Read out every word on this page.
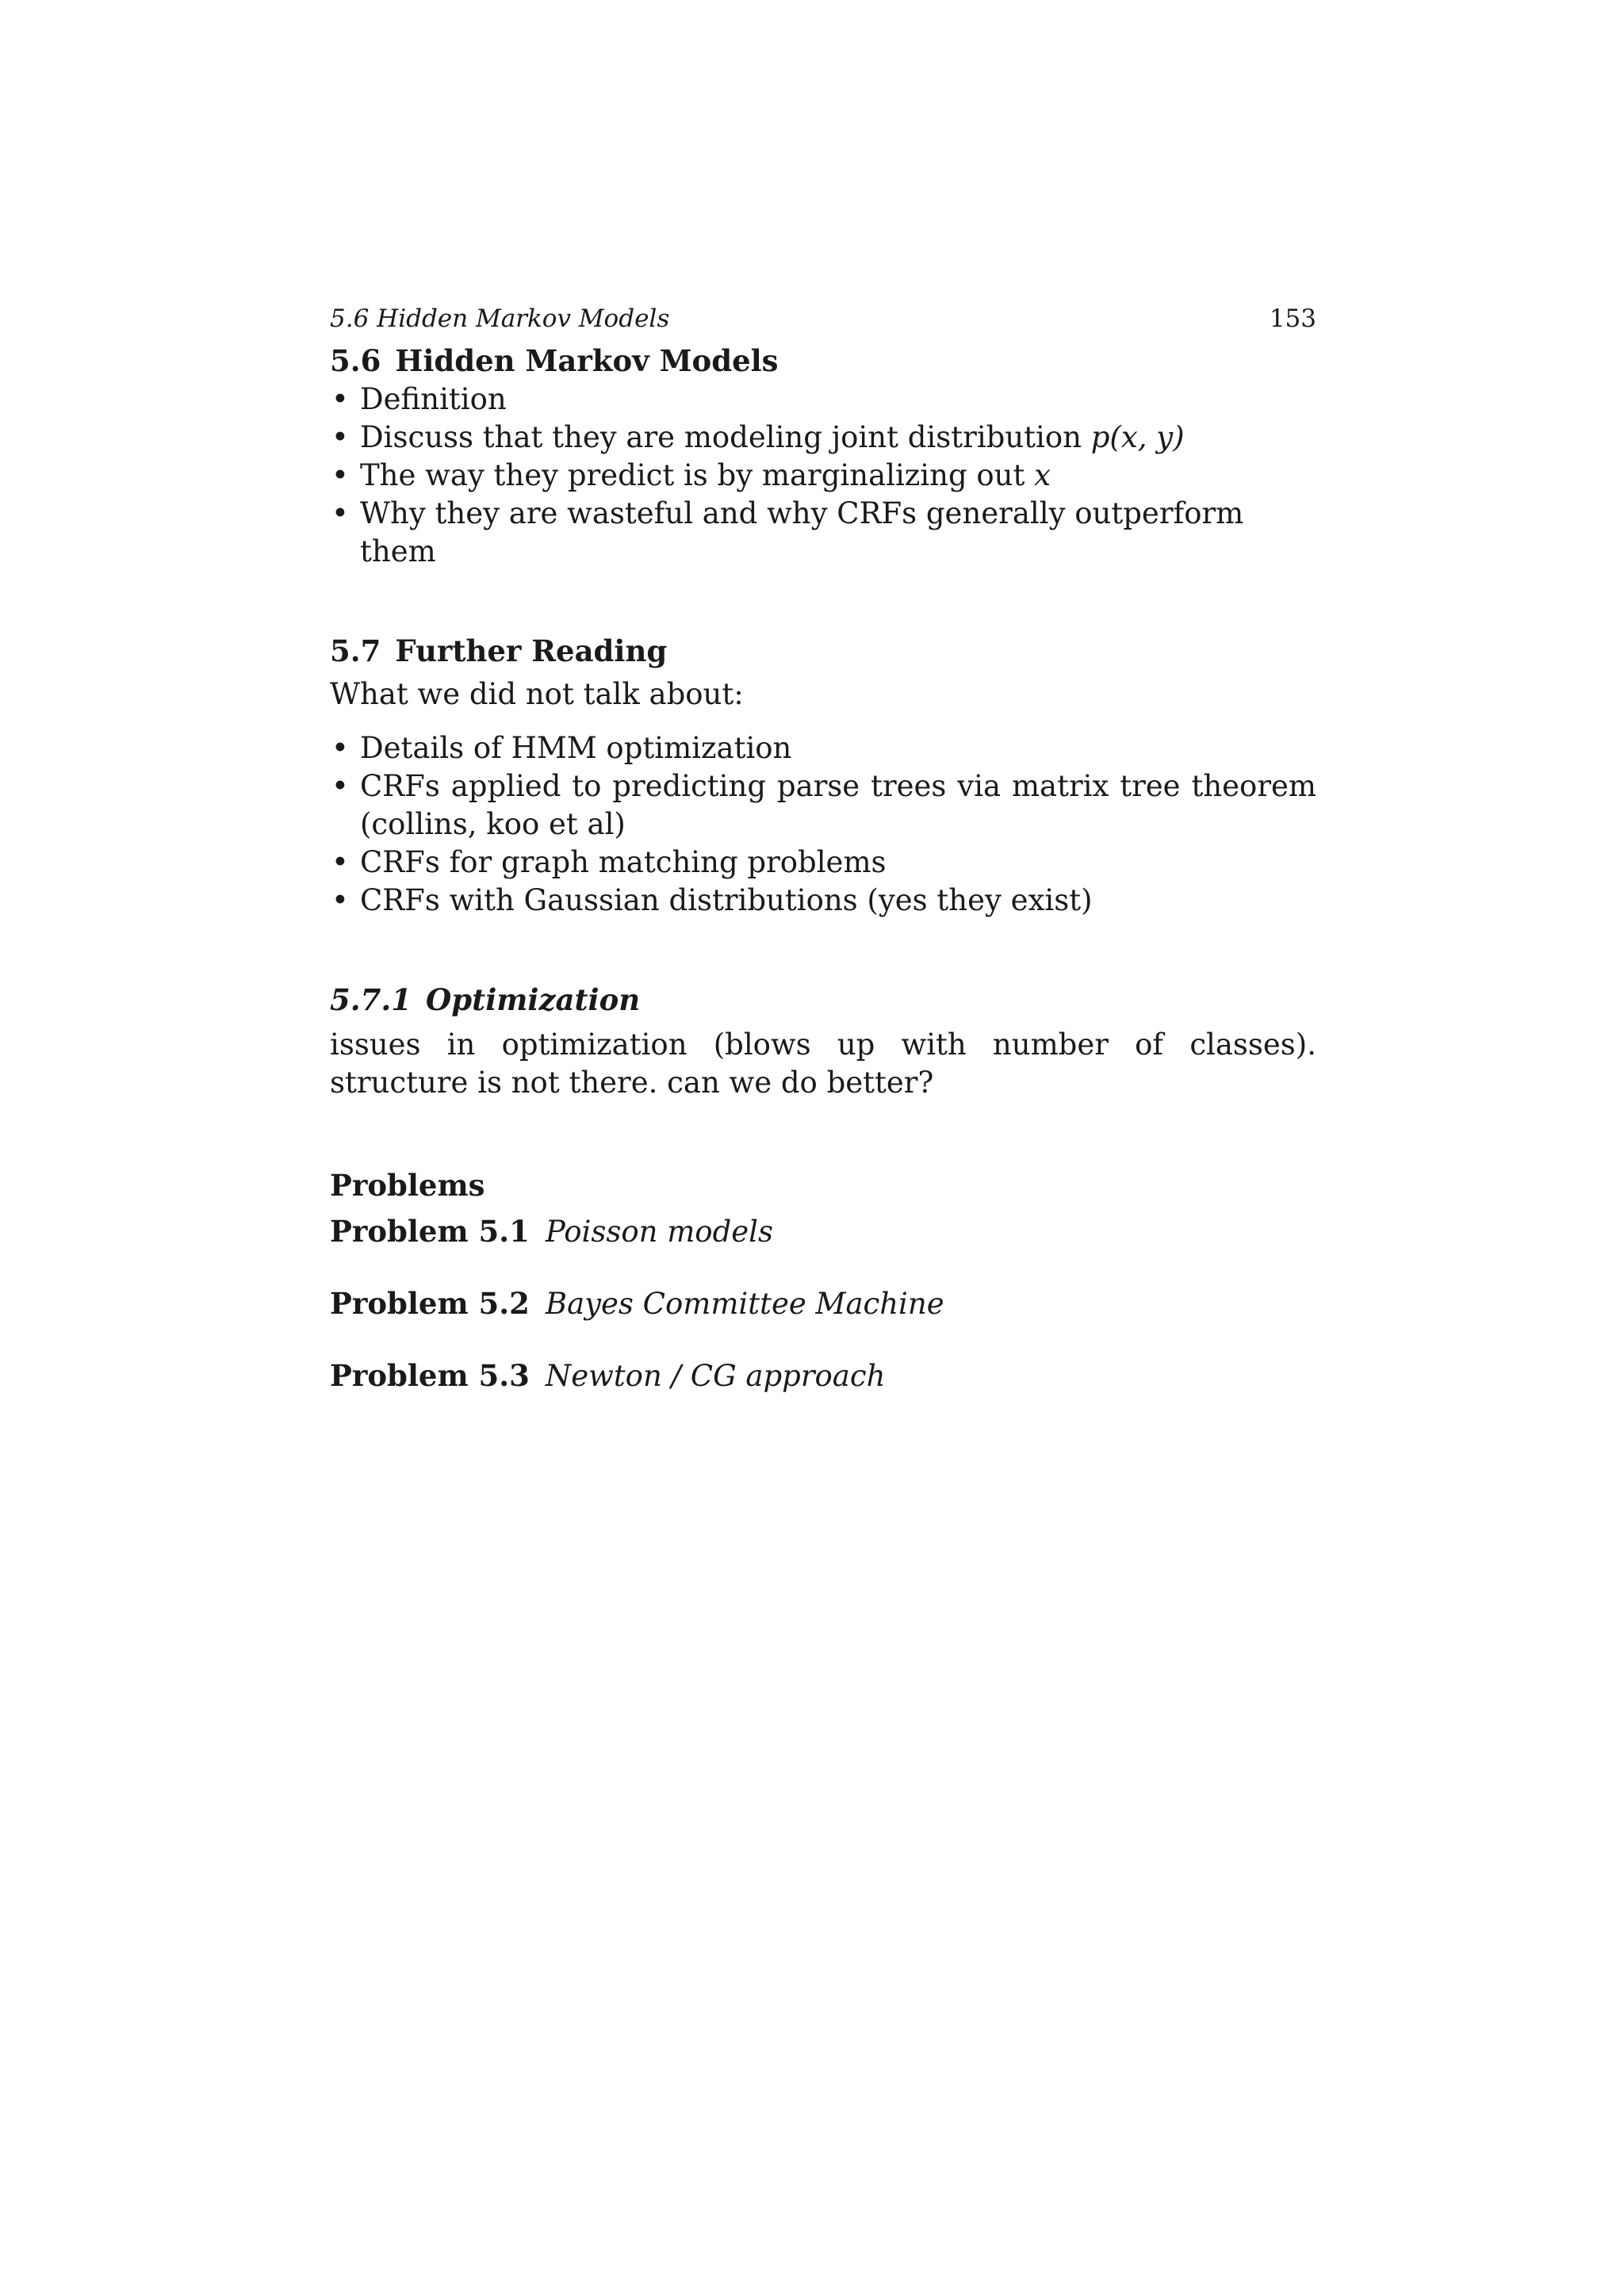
5.6 Hidden Markov Models	153
5.6 Hidden Markov Models
• Definition
• Discuss that they are modeling joint distribution p(x, y)
• The way they predict is by marginalizing out x
• Why they are wasteful and why CRFs generally outperform them
5.7 Further Reading

What we did not talk about:

• Details of HMM optimization
• CRFs applied to predicting parse trees via matrix tree theorem (collins, koo et al)
• CRFs for graph matching problems
• CRFs with Gaussian distributions (yes they exist)
5.7.1 Optimization

issues in optimization (blows up with number of classes). structure is not there. can we do better?

Problems

Problem 5.1 Poisson models

Problem 5.2 Bayes Committee Machine

Problem 5.3 Newton / CG approach
